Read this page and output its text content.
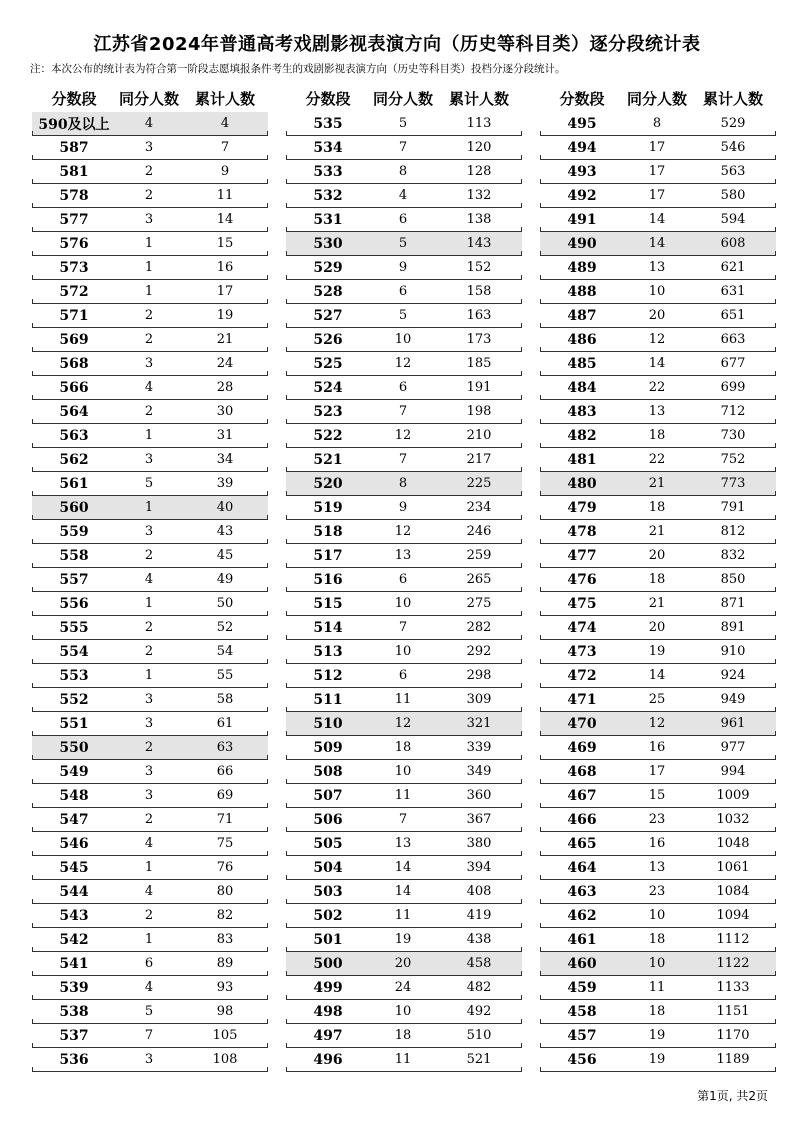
江苏省2024年普通高考戏剧影视表演方向（历史等科目类）逐分段统计表
注：本次公布的统计表为符合第一阶段志愿填报条件考生的戏剧影视表演方向（历史等科目类）投档分逐分段统计。
分数段	同分人数	累计人数
590及以上	4	4
587	3	7
581	2	9
578	2	11
577	3	14
576	1	15
573	1	16
572	1	17
571	2	19
569	2	21
568	3	24
566	4	28
564	2	30
563	1	31
562	3	34
561	5	39
560	1	40
559	3	43
558	2	45
557	4	49
556	1	50
555	2	52
554	2	54
553	1	55
552	3	58
551	3	61
550	2	63
549	3	66
548	3	69
547	2	71
546	4	75
545	1	76
544	4	80
543	2	82
542	1	83
541	6	89
539	4	93
538	5	98
537	7	105
536	3	108
分数段	同分人数	累计人数
535	5	113
534	7	120
533	8	128
532	4	132
531	6	138
530	5	143
529	9	152
528	6	158
527	5	163
526	10	173
525	12	185
524	6	191
523	7	198
522	12	210
521	7	217
520	8	225
519	9	234
518	12	246
517	13	259
516	6	265
515	10	275
514	7	282
513	10	292
512	6	298
511	11	309
510	12	321
509	18	339
508	10	349
507	11	360
506	7	367
505	13	380
504	14	394
503	14	408
502	11	419
501	19	438
500	20	458
499	24	482
498	10	492
497	18	510
496	11	521
分数段	同分人数	累计人数
495	8	529
494	17	546
493	17	563
492	17	580
491	14	594
490	14	608
489	13	621
488	10	631
487	20	651
486	12	663
485	14	677
484	22	699
483	13	712
482	18	730
481	22	752
480	21	773
479	18	791
478	21	812
477	20	832
476	18	850
475	21	871
474	20	891
473	19	910
472	14	924
471	25	949
470	12	961
469	16	977
468	17	994
467	15	1009
466	23	1032
465	16	1048
464	13	1061
463	23	1084
462	10	1094
461	18	1112
460	10	1122
459	11	1133
458	18	1151
457	19	1170
456	19	1189
第1页, 共2页
